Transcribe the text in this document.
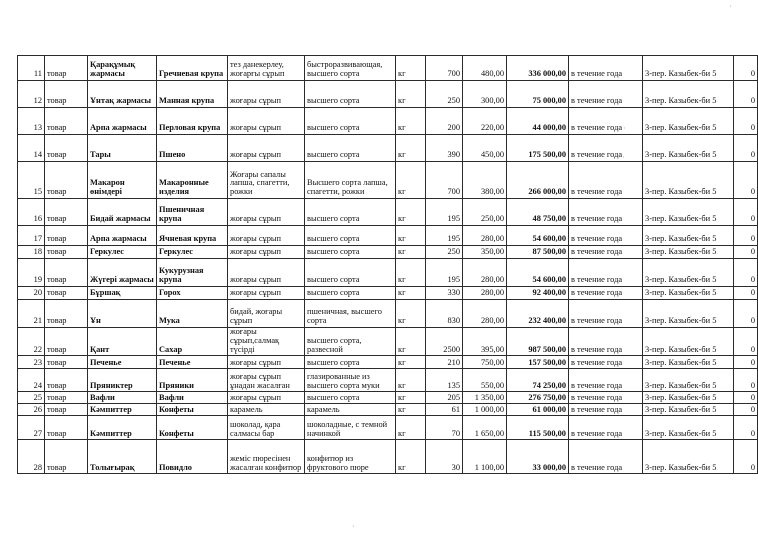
·
·
·
·
11	товар	Қарақұмық жармасы	Гречневая крупа	тез данекерлеу, жоғарғы сұрып	быстроразвивающая, высшего сорта	кг	700	480,00	336 000,00	в течение года	3-пер. Казыбек-би 5	0
12	товар	Ұнтақ жармасы	Манная крупа	жоғары сұрып	высшего сорта	кг	250	300,00	75 000,00	в течение года	3-пер. Казыбек-би 5	0
13	товар	Арпа жармасы	Перловая крупа	жоғары сұрып	высшего сорта	кг	200	220,00	44 000,00	в течение года	3-пер. Казыбек-би 5	0
14	товар	Тары	Пшено	жоғары сұрып	высшего сорта	кг	390	450,00	175 500,00	в течение года	3-пер. Казыбек-би 5	0
15	товар	Макарон өнімдері	Макаронные изделия	Жоғары сапалы лапша, спагетти, рожки	Высшего сорта лапша, спагетти, рожки	кг	700	380,00	266 000,00	в течение года	3-пер. Казыбек-би 5	0
16	товар	Бидай жармасы	Пшеничная крупа	жоғары сұрып	высшего сорта	кг	195	250,00	48 750,00	в течение года	3-пер. Казыбек-би 5	0
17	товар	Арпа жармасы	Ячневая крупа	жоғары сұрып	высшего сорта	кг	195	280,00	54 600,00	в течение года	3-пер. Казыбек-би 5	0
18	товар	Геркулес	Геркулес	жоғары сұрып	высшего сорта	кг	250	350,00	87 500,00	в течение года	3-пер. Казыбек-би 5	0
19	товар	Жүгері жармасы	Кукурузная крупа	жоғары сұрып	высшего сорта	кг	195	280,00	54 600,00	в течение года	3-пер. Казыбек-би 5	0
20	товар	Бұршақ	Горох	жоғары сұрып	высшего сорта	кг	330	280,00	92 400,00	в течение года	3-пер. Казыбек-би 5	0
21	товар	Ұн	Мука	бидай, жоғары сұрып	пшеничная, высшего сорта	кг	830	280,00	232 400,00	в течение года	3-пер. Казыбек-би 5	0
22	товар	Қант	Сахар	жоғары сұрып,салмақ түсірді	высшего сорта, развесной	кг	2500	395,00	987 500,00	в течение года	3-пер. Казыбек-би 5	0
23	товар	Печенье	Печенье	жоғары сұрып	высшего сорта	кг	210	750,00	157 500,00	в течение года	3-пер. Казыбек-би 5	0
24	товар	Пряниктер	Пряники	жоғары сұрып ұнадан жасалған	глазированные из высшего сорта муки	кг	135	550,00	74 250,00	в течение года	3-пер. Казыбек-би 5	0
25	товар	Вафли	Вафли	жоғары сұрып	высшего сорта	кг	205	1 350,00	276 750,00	в течение года	3-пер. Казыбек-би 5	0
26	товар	Кәмпиттер	Конфеты	карамель	карамель	кг	61	1 000,00	61 000,00	в течение года	3-пер. Казыбек-би 5	0
27	товар	Кәмпиттер	Конфеты	шоколад, қара салмасы бар	шоколадные, с темной начинкой	кг	70	1 650,00	115 500,00	в течение года	3-пер. Казыбек-би 5	0
28	товар	Толығырақ	Повидло	жеміс пюресінен жасалған конфитюр	конфитюр из фруктового пюре	кг	30	1 100,00	33 000,00	в течение года	3-пер. Казыбек-би 5	0
